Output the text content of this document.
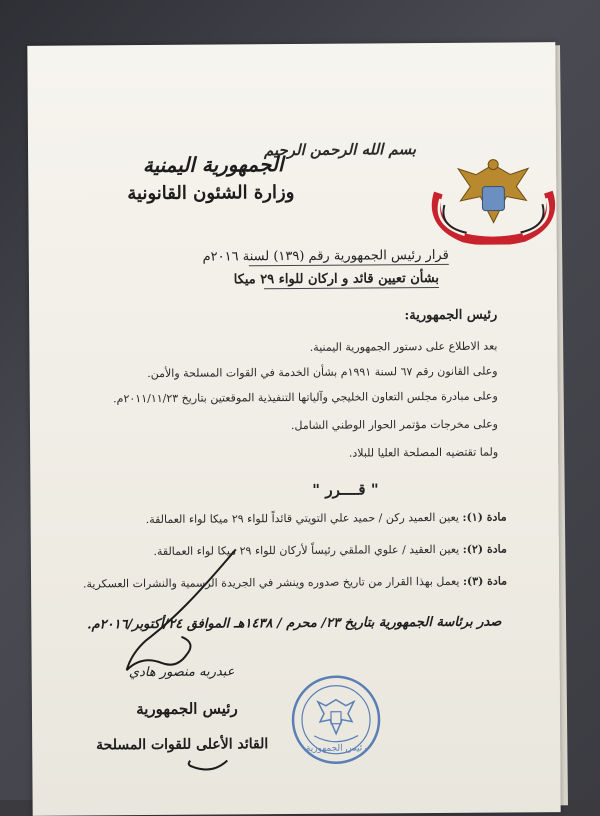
بسم الله الرحمن الرحيم
الجمهورية اليمنية
وزارة الشئون القانونية
قرار رئيس الجمهورية رقم (١٣٩) لسنة ٢٠١٦م
بشأن تعيين قائد و اركان للواء ٢٩ ميكا
رئيس الجمهورية:
بعد الاطلاع على دستور الجمهورية اليمنية.
وعلى القانون رقم ٦٧ لسنة ١٩٩١م بشأن الخدمة في القوات المسلحة والأمن.
وعلى مبادرة مجلس التعاون الخليجي وآلياتها التنفيذية الموقعتين بتاريخ ٢٠١١/١١/٢٣م.
وعلى مخرجات مؤتمر الحوار الوطني الشامل.
ولما تقتضيه المصلحة العليا للبلاد.
" قــــرر "
مادة (١): يعين العميد ركن / حميد علي التويتي قائداً للواء ٢٩ ميكا لواء العمالقة.
مادة (٢): يعين العقيد / علوي الملقي رئيساً لأركان للواء ٢٩ ميكا لواء العمالقة.
مادة (٣): يعمل بهذا القرار من تاريخ صدوره وينشر في الجريدة الرسمية والنشرات العسكرية.
صدر برئاسة الجمهورية بتاريخ ٢٣/ محرم / ١٤٣٨هـ الموافق ٢٤/أكتوبر/٢٠١٦م.
عبدربه منصور هادي
رئيس الجمهورية
القائد الأعلى للقوات المسلحة	رئيس الجمهورية
